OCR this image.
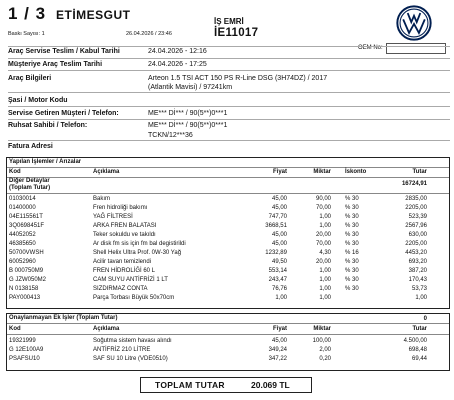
1 / 3 ETİMESGUT
Baskı Sayısı: 1	26.04.2026 / 23:46
İŞ EMRİ
İE11017
OEM No:
Araç Servise Teslim / Kabul Tarihi	24.04.2026 - 12:16
Müşteriye Araç Teslim Tarihi	24.04.2026 - 17:25
Araç Bilgileri	Arteon 1.5 TSI ACT 150 PS R-Line DSG (3H74DZ) / 2017
(Atlantik Mavisi) / 97241km
Şasi / Motor Kodu
Servise Getiren Müşteri / Telefon:	ME*** Dİ*** / 90(5**)0***1
Ruhsat Sahibi / Telefon:	ME*** Dİ*** / 90(5**)0***1
TCKN/12***36
Fatura Adresi
Yapılan İşlemler / Arızalar
Kod	Açıklama	Fiyat	Miktar İskonto	Tutar
Diğer Detaylar
(Toplam Tutar)
16724,91
01030014	Bakım	45,00	90,00 % 30	2835,00
01400000	Fren hidroliği bakımı	45,00	70,00 % 30	2205,00
04E115561T	YAĞ FİLTRESİ	747,70	1,00 % 30	523,39
3Q0698451F	ARKA FREN BALATASI	3668,51	1,00 % 30	2567,96
44052052	Teker sokuldu ve takıldı	45,00	20,00 % 30	630,00
46385650	Ar disk fm sis için fm bal degistirildi	45,00	70,00 % 30	2205,00
50700VWSH	Shell Helix Ultra Prof. 0W-30 Yağ	1232,89	4,30 % 16	4453,20
60052960	Acilir tavan temizlendi	49,50	20,00 % 30	693,20
B 000750M9	FREN HİDROLİĞİ 60 L	553,14	1,00 % 30	387,20
G JZW050M2	CAM SUYU ANTİFRİZİ 1 LT	243,47	1,00 % 30	170,43
N 0138158	SIZDIRMAZ CONTA	76,76	1,00 % 30	53,73
PAY000413	Parça Torbası Büyük 50x70cm	1,00	1,00	1,00
Onaylanmayan Ek İşler (Toplam Tutar)	0
Kod	Açıklama	Fiyat	Miktar	Tutar
19321999	Soğutma sistem havası alındı	45,00	100,00	4.500,00
G 12E100A9	ANTİFRİZ 210 LİTRE	349,24	2,00	698,48
PSAFSU10	SAF SU 10 Litre (VDE0510)	347,22	0,20	69,44
TOPLAM TUTAR	20.069 TL
